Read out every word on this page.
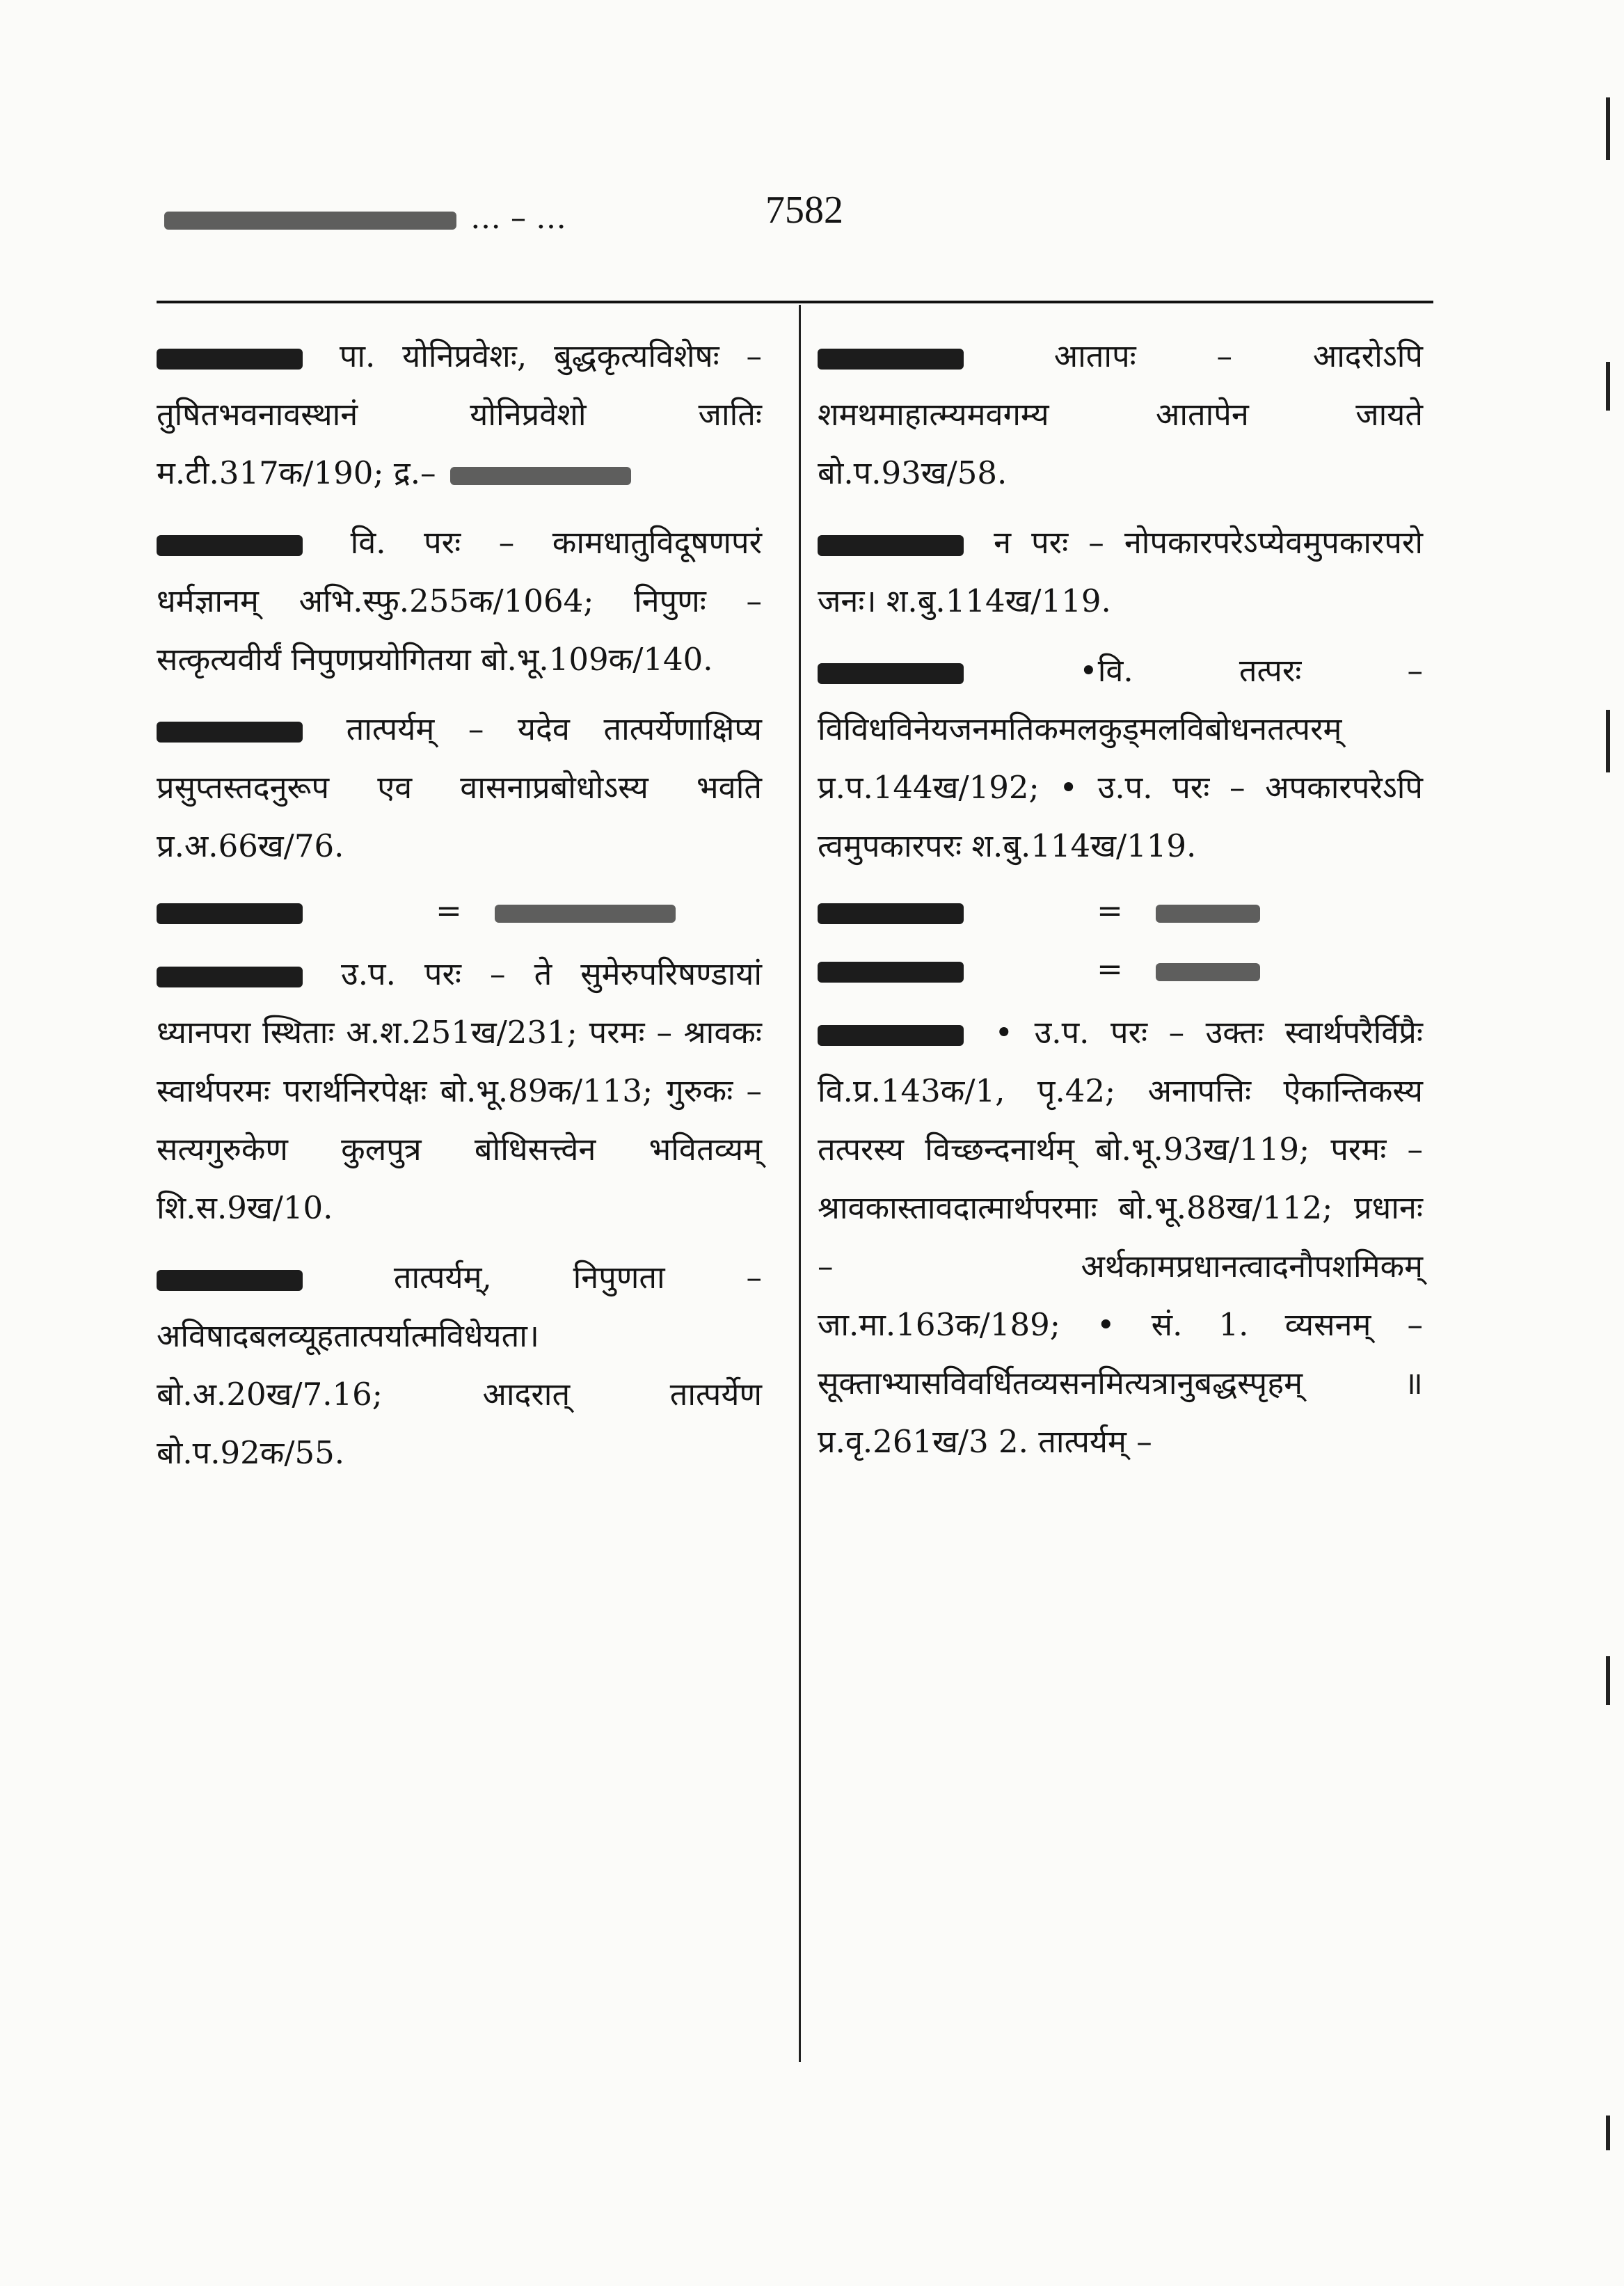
… – …	7582
पा. योनिप्रवेशः, बुद्धकृत्यविशेषः – तुषितभवनावस्थानं योनिप्रवेशो जातिः म.टी.317क/190; द्र.–
वि. परः – कामधातुविदूषणपरं धर्मज्ञानम् अभि.स्फु.255क/1064; निपुणः – सत्कृत्यवीर्यं निपुणप्रयोगितया बो.भू.109क/140.
तात्पर्यम् – यदेव तात्पर्येणाक्षिप्य प्रसुप्तस्तदनुरूप एव वासनाप्रबोधोऽस्य भवति प्र.अ.66ख/76.
=
उ.प. परः – ते सुमेरुपरिषण्डायां ध्यानपरा स्थिताः अ.श.251ख/231; परमः – श्रावकः स्वार्थपरमः परार्थनिरपेक्षः बो.भू.89क/113; गुरुकः – सत्यगुरुकेण कुलपुत्र बोधिसत्त्वेन भवितव्यम् शि.स.9ख/10.
तात्पर्यम्, निपुणता – अविषादबलव्यूहतात्पर्यात्मविधेयता। बो.अ.20ख/7.16; आदरात् तात्पर्येण बो.प.92क/55.
आतापः – आदरोऽपि शमथमाहात्म्यमवगम्य आतापेन जायते बो.प.93ख/58.
न परः – नोपकारपरेऽप्येवमुपकारपरो जनः। श.बु.114ख/119.
•वि. तत्परः – विविधविनेयजनमतिकमलकुड्मलविबोधनतत्परम् प्र.प.144ख/192; • उ.प. परः – अपकारपरेऽपि त्वमुपकारपरः श.बु.114ख/119.
=
=
• उ.प. परः – उक्तः स्वार्थपरैर्विप्रैः वि.प्र.143क/1, पृ.42; अनापत्तिः ऐकान्तिकस्य तत्परस्य विच्छन्दनार्थम् बो.भू.93ख/119; परमः – श्रावकास्तावदात्मार्थपरमाः बो.भू.88ख/112; प्रधानः – अर्थकामप्रधानत्वादनौपशमिकम् जा.मा.163क/189; • सं. 1. व्यसनम् – सूक्ताभ्यासविवर्धितव्यसनमित्यत्रानुबद्धस्पृहम् ॥ प्र.वृ.261ख/3 2. तात्पर्यम् –
